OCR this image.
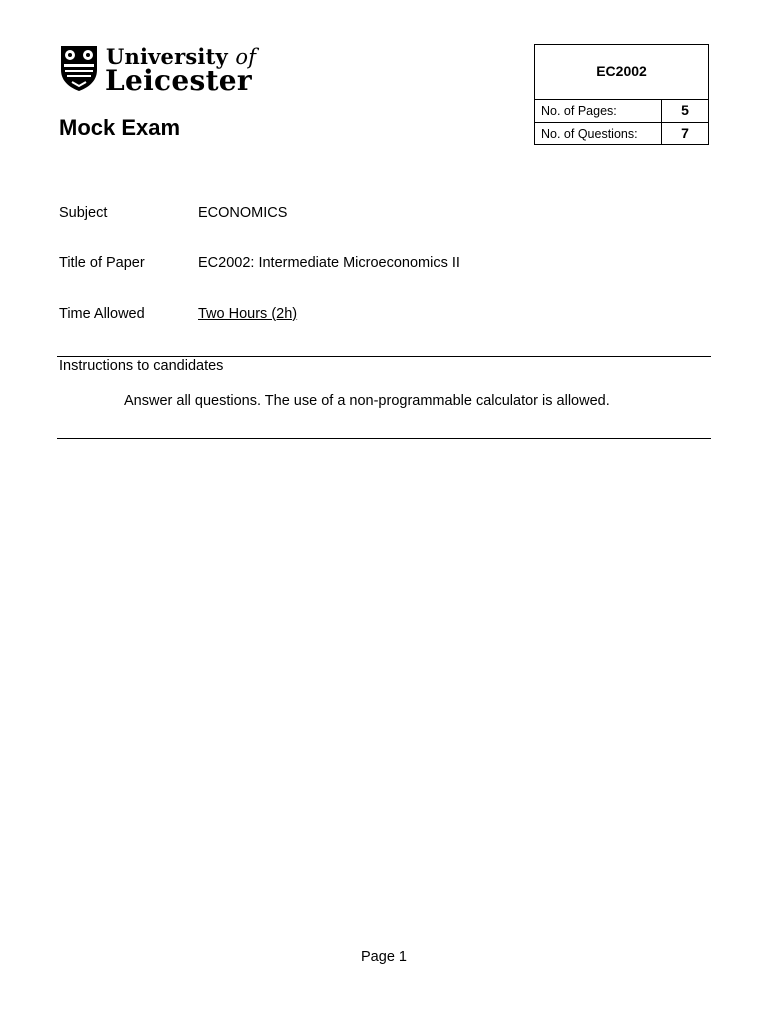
University of
Leicester
Mock Exam
EC2002
No. of Pages:	5
No. of Questions:	7
Subject	ECONOMICS
Title of Paper	EC2002: Intermediate Microeconomics II
Time Allowed	Two Hours (2h)
Instructions to candidates
Answer all questions. The use of a non-programmable calculator is allowed.
Page 1
